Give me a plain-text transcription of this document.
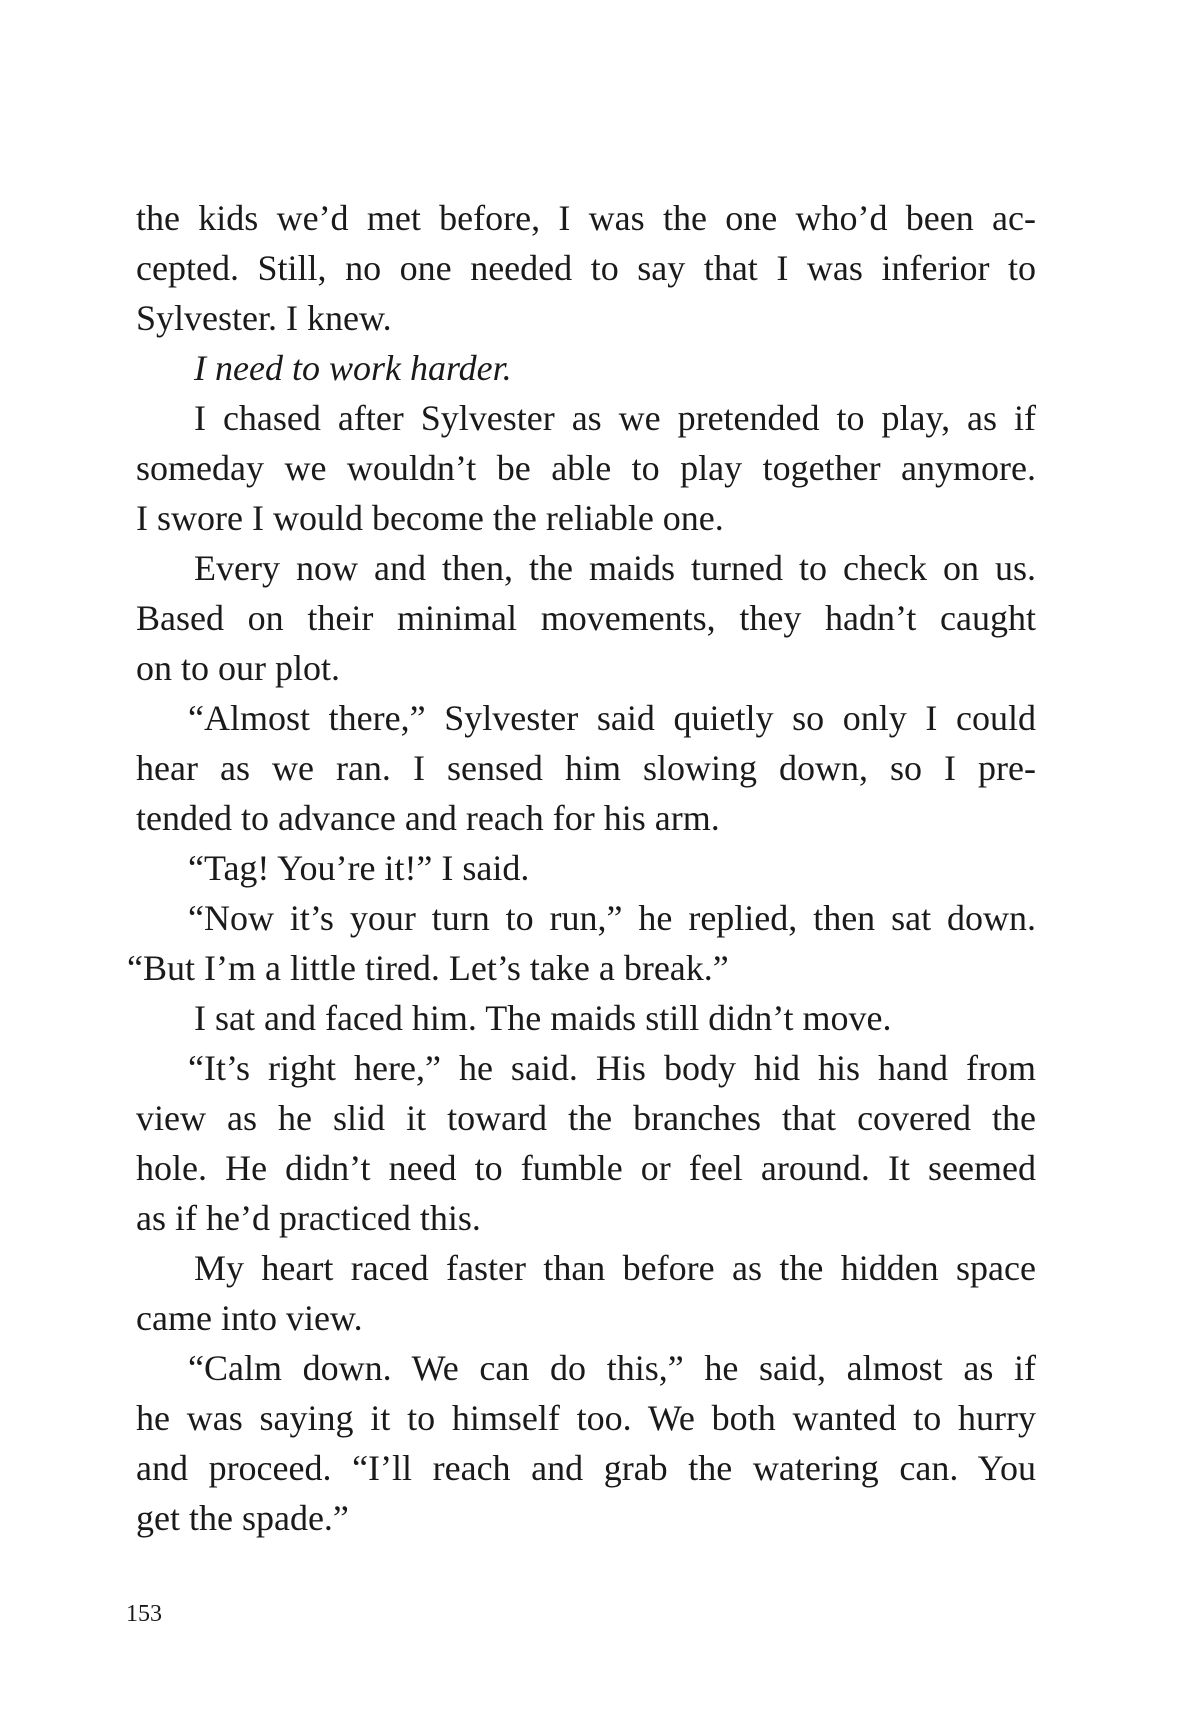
the kids we’d met before, I was the one who’d been ac-
cepted. Still, no one needed to say that I was inferior to
Sylvester. I knew.
I need to work harder.
I chased after Sylvester as we pretended to play, as if
someday we wouldn’t be able to play together anymore.
I swore I would become the reliable one.
Every now and then, the maids turned to check on us.
Based on their minimal movements, they hadn’t caught
on to our plot.
“Almost there,” Sylvester said quietly so only I could
hear as we ran. I sensed him slowing down, so I pre-
tended to advance and reach for his arm.
“Tag! You’re it!” I said.
“Now it’s your turn to run,” he replied, then sat down.
“But I’m a little tired. Let’s take a break.”
I sat and faced him. The maids still didn’t move.
“It’s right here,” he said. His body hid his hand from
view as he slid it toward the branches that covered the
hole. He didn’t need to fumble or feel around. It seemed
as if he’d practiced this.
My heart raced faster than before as the hidden space
came into view.
“Calm down. We can do this,” he said, almost as if
he was saying it to himself too. We both wanted to hurry
and proceed. “I’ll reach and grab the watering can. You
get the spade.”
153
